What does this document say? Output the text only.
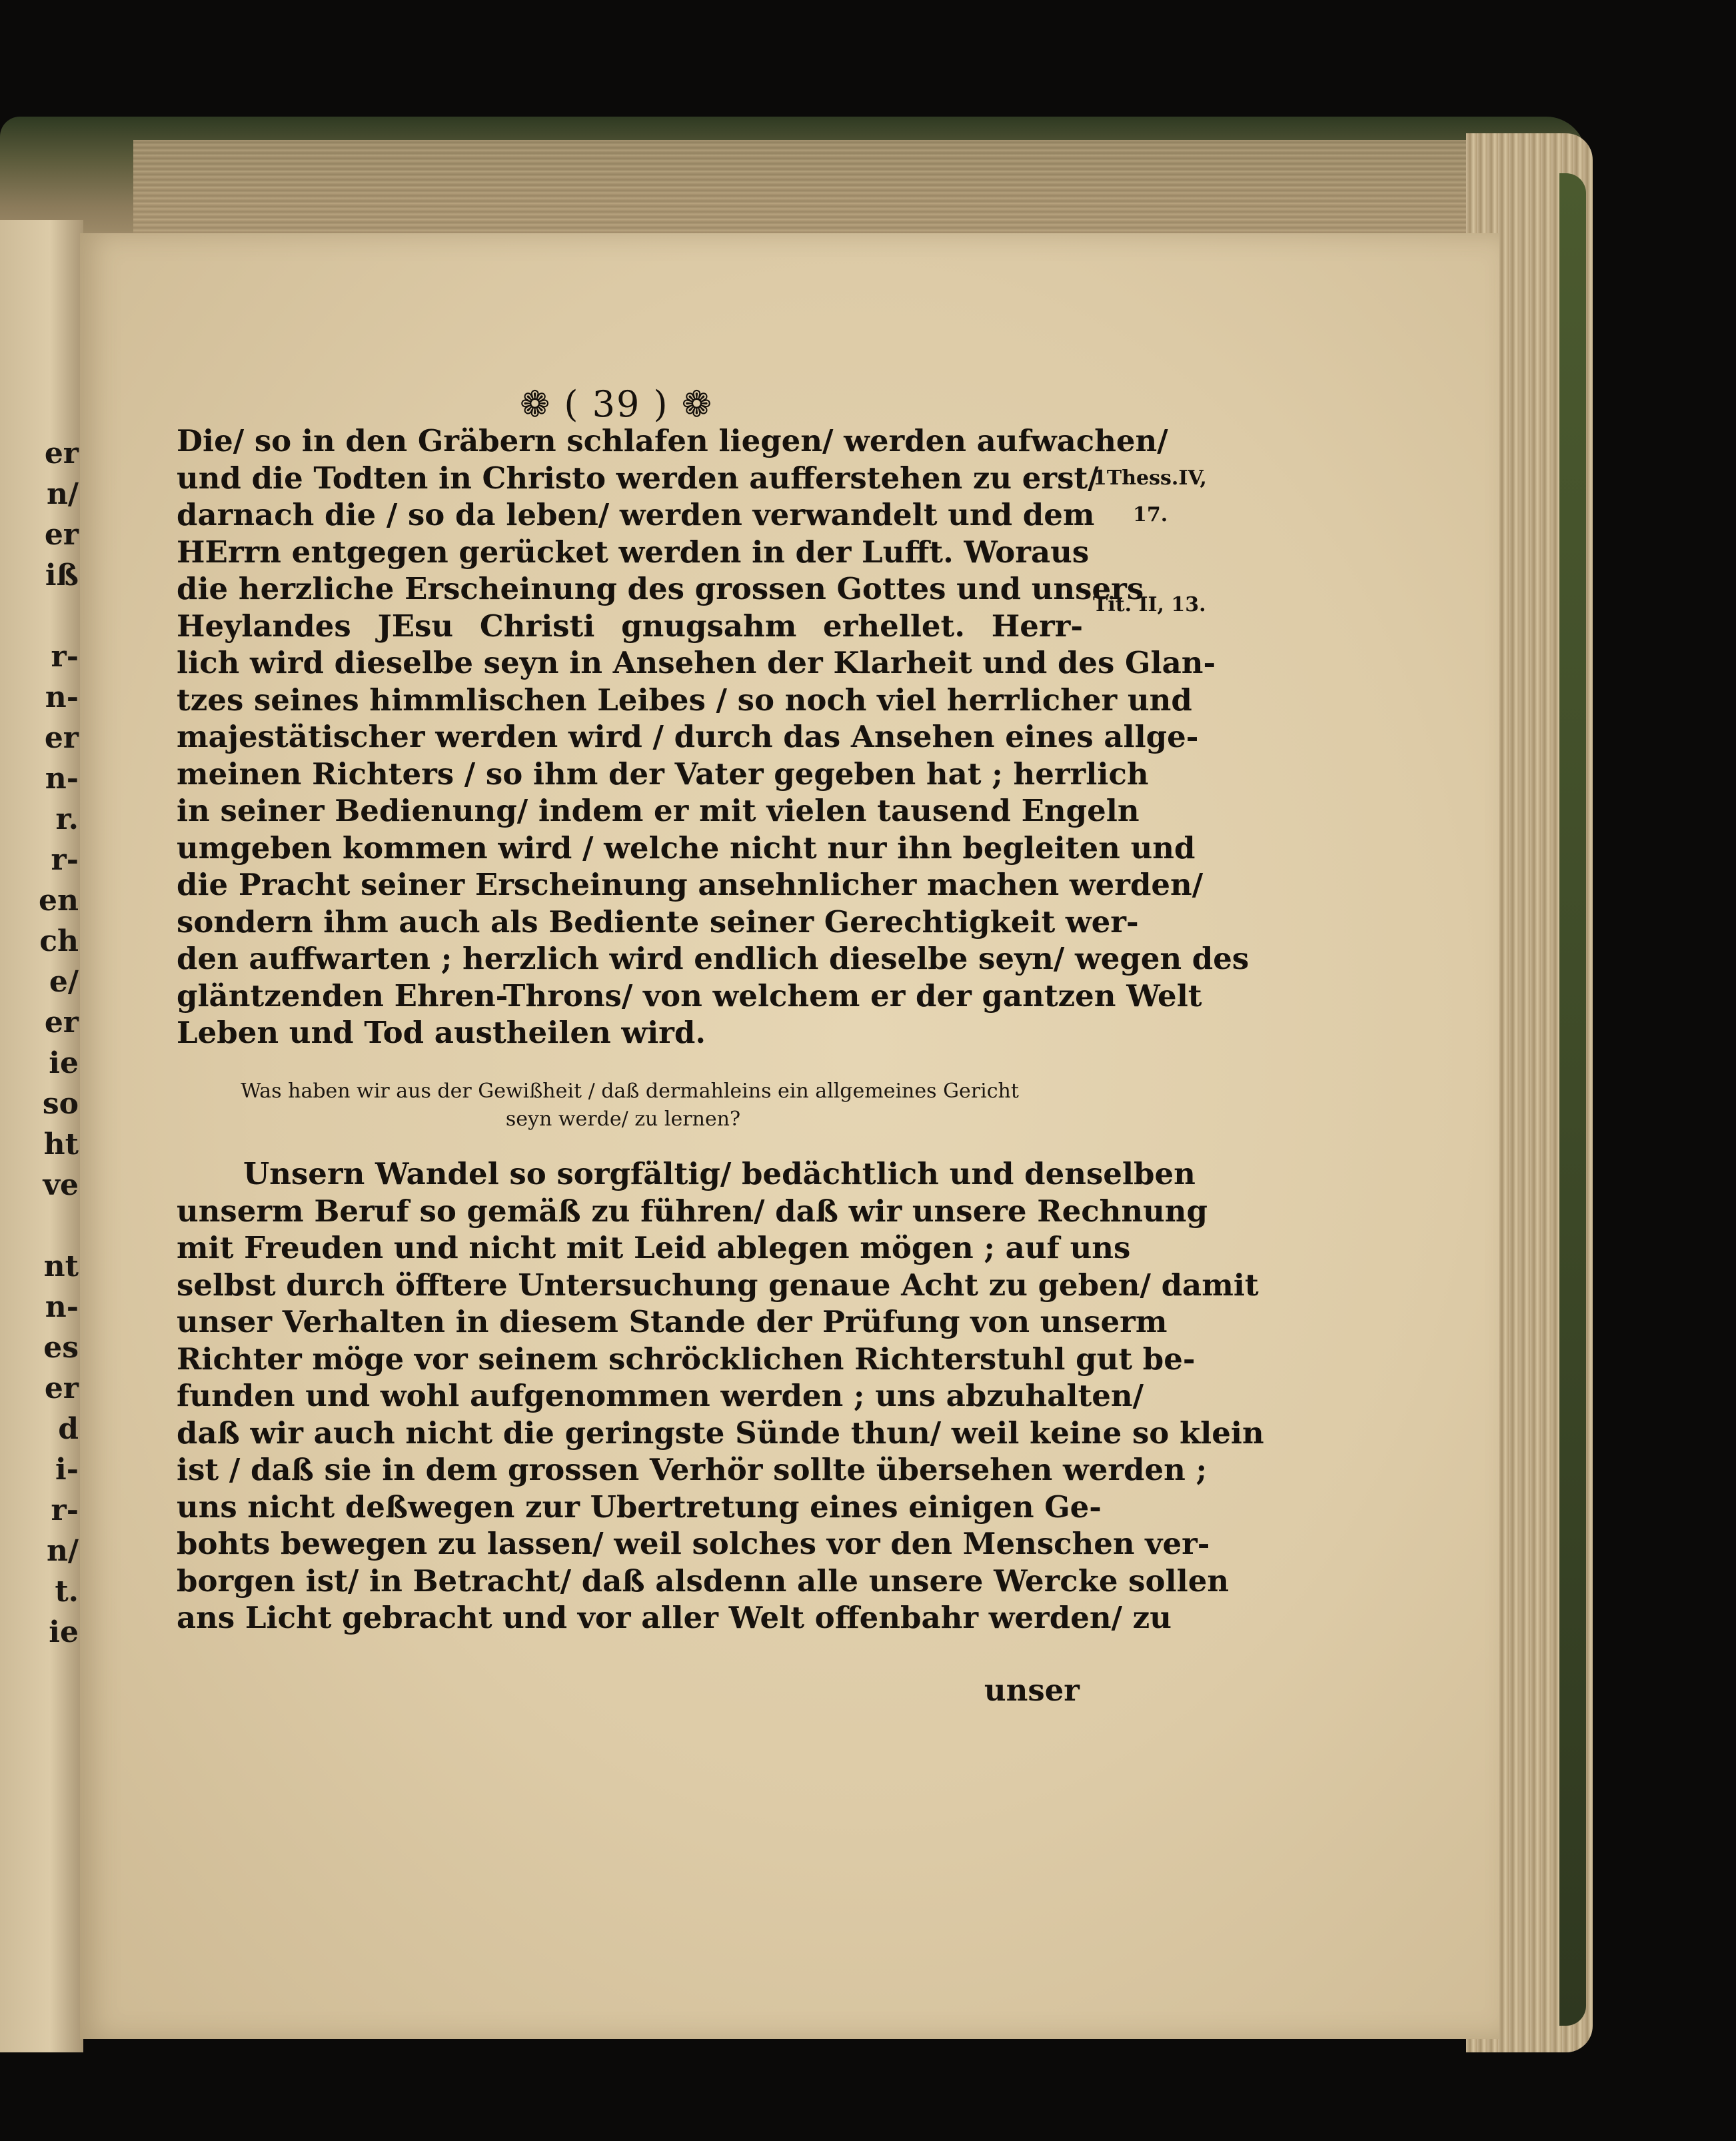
er
n/
er
iß
r-
n-
er
n-
r.
r-
en
ch
e/
er
ie
so
ht
ve
nt
n-
es
er
d
i-
r-
n/
t.
ie
❁ ( 39 ) ❁
Die/ so in den Gräbern schlafen liegen/ werden aufwachen/
und die Todten in Christo werden aufferstehen zu erst/
darnach die / so da leben/ werden verwandelt und dem
HErrn entgegen gerücket werden in der Lufft. Woraus
die herzliche Erscheinung des grossen Gottes und unsers
Heylandes JEsu Christi gnugsahm erhellet. Herr-
lich wird dieselbe seyn in Ansehen der Klarheit und des Glan-
tzes seines himmlischen Leibes / so noch viel herrlicher und
majestätischer werden wird / durch das Ansehen eines allge-
meinen Richters / so ihm der Vater gegeben hat ; herrlich
in seiner Bedienung/ indem er mit vielen tausend Engeln
umgeben kommen wird / welche nicht nur ihn begleiten und
die Pracht seiner Erscheinung ansehnlicher machen werden/
sondern ihm auch als Bediente seiner Gerechtigkeit wer-
den auffwarten ; herzlich wird endlich dieselbe seyn/ wegen des
gläntzenden Ehren-Throns/ von welchem er der gantzen Welt
Leben und Tod austheilen wird.
Was haben wir aus der Gewißheit / daß dermahleins ein allgemeines Gericht
seyn werde/ zu lernen?
Unsern Wandel so sorgfältig/ bedächtlich und denselben
unserm Beruf so gemäß zu führen/ daß wir unsere Rechnung
mit Freuden und nicht mit Leid ablegen mögen ; auf uns
selbst durch öfftere Untersuchung genaue Acht zu geben/ damit
unser Verhalten in diesem Stande der Prüfung von unserm
Richter möge vor seinem schröcklichen Richterstuhl gut be-
funden und wohl aufgenommen werden ; uns abzuhalten/
daß wir auch nicht die geringste Sünde thun/ weil keine so klein
ist / daß sie in dem grossen Verhör sollte übersehen werden ;
uns nicht deßwegen zur Ubertretung eines einigen Ge-
bohts bewegen zu lassen/ weil solches vor den Menschen ver-
borgen ist/ in Betracht/ daß alsdenn alle unsere Wercke sollen
ans Licht gebracht und vor aller Welt offenbahr werden/ zu
unser
1Thess.IV,
17.
Tit. II, 13.
